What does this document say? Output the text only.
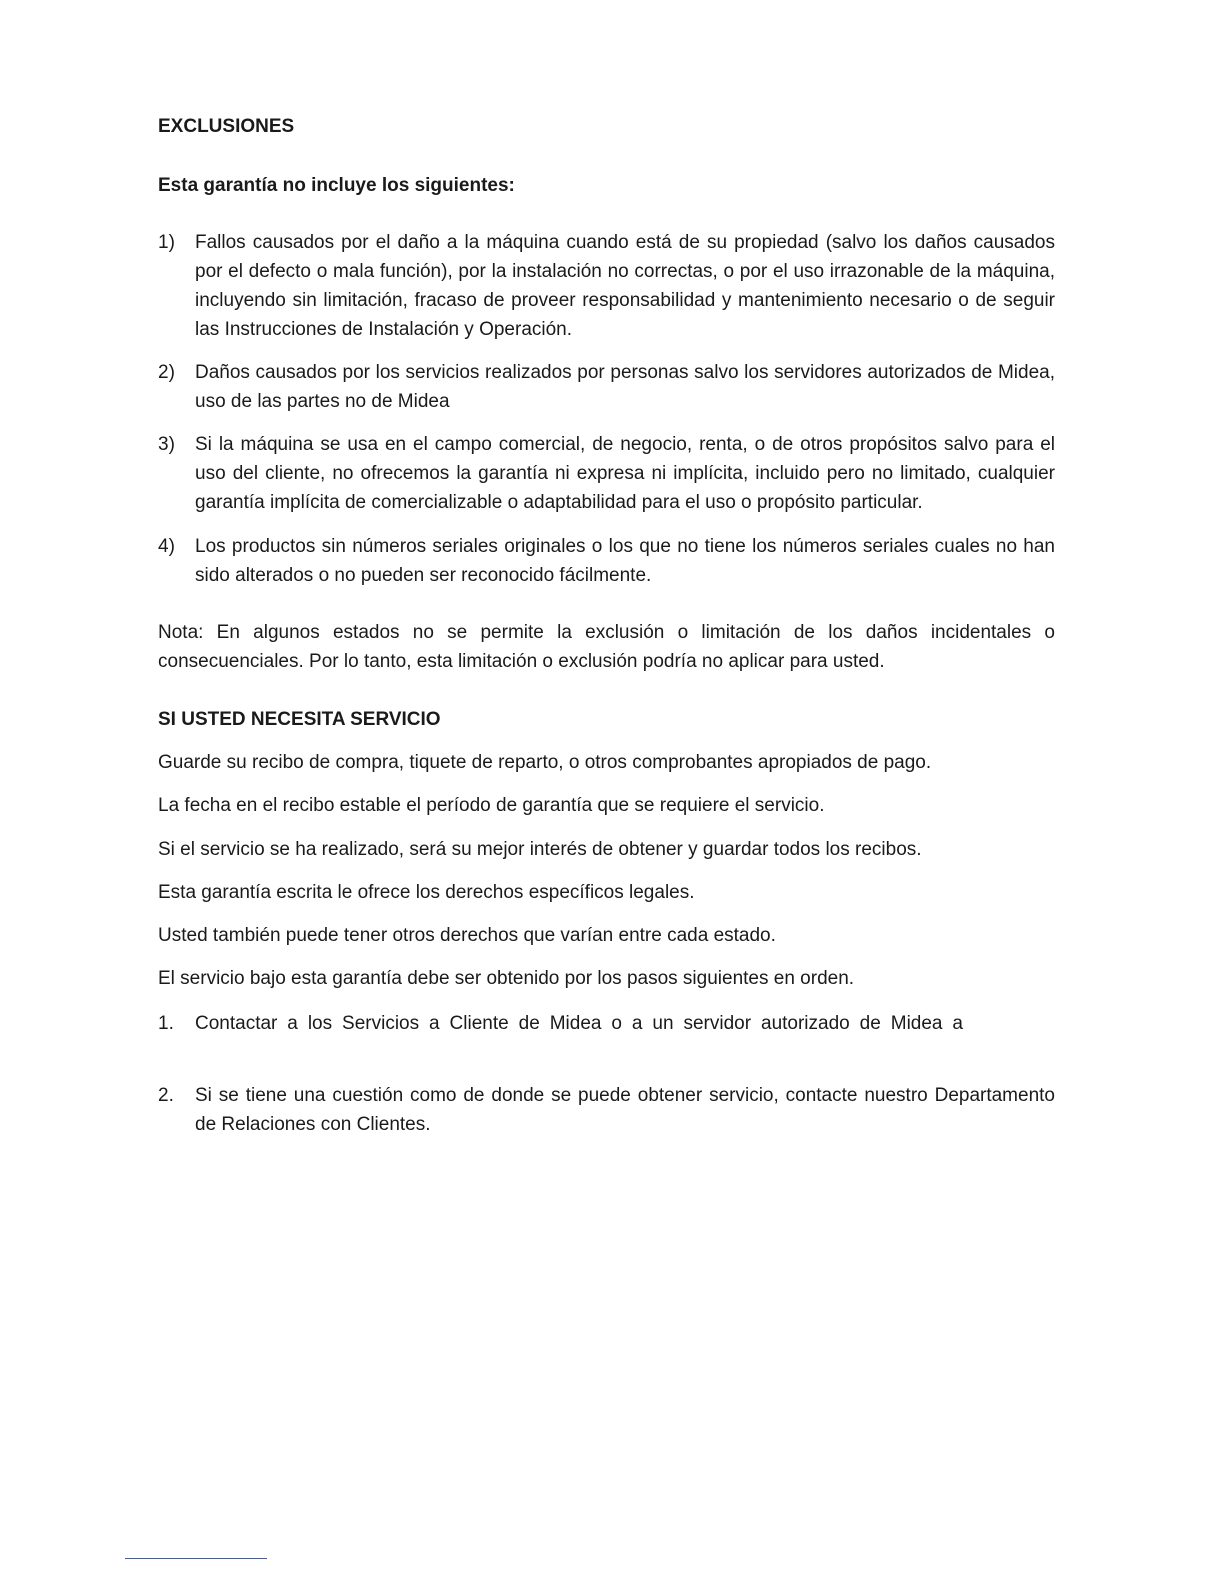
EXCLUSIONES
Esta garantía no incluye los siguientes:
1) Fallos causados por el daño a la máquina cuando está de su propiedad (salvo los daños causados por el defecto o mala función), por la instalación no correctas, o por el uso irrazonable de la máquina, incluyendo sin limitación, fracaso de proveer responsabilidad y mantenimiento necesario o de seguir las Instrucciones de Instalación y Operación.
2) Daños causados por los servicios realizados por personas salvo los servidores autorizados de Midea, uso de las partes no de Midea
3) Si la máquina se usa en el campo comercial, de negocio, renta, o de otros propósitos salvo para el uso del cliente, no ofrecemos la garantía ni expresa ni implícita, incluido pero no limitado, cualquier garantía implícita de comercializable o adaptabilidad para el uso o propósito particular.
4) Los productos sin números seriales originales o los que no tiene los números seriales cuales no han sido alterados o no pueden ser reconocido fácilmente.
Nota: En algunos estados no se permite la exclusión o limitación de los daños incidentales o consecuenciales. Por lo tanto, esta limitación o exclusión podría no aplicar para usted.
SI USTED NECESITA SERVICIO
Guarde su recibo de compra, tiquete de reparto, o otros comprobantes apropiados de pago.
La fecha en el recibo estable el período de garantía que se requiere el servicio.
Si el servicio se ha realizado, será su mejor interés de obtener y guardar todos los recibos.
Esta garantía escrita le ofrece los derechos específicos legales.
Usted también puede tener otros derechos que varían entre cada estado.
El servicio bajo esta garantía debe ser obtenido por los pasos siguientes en orden.
1. Contactar a los Servicios a Cliente de Midea o a un servidor autorizado de Midea a
2. Si se tiene una cuestión como de donde se puede obtener servicio, contacte nuestro Departamento de Relaciones con Clientes.
